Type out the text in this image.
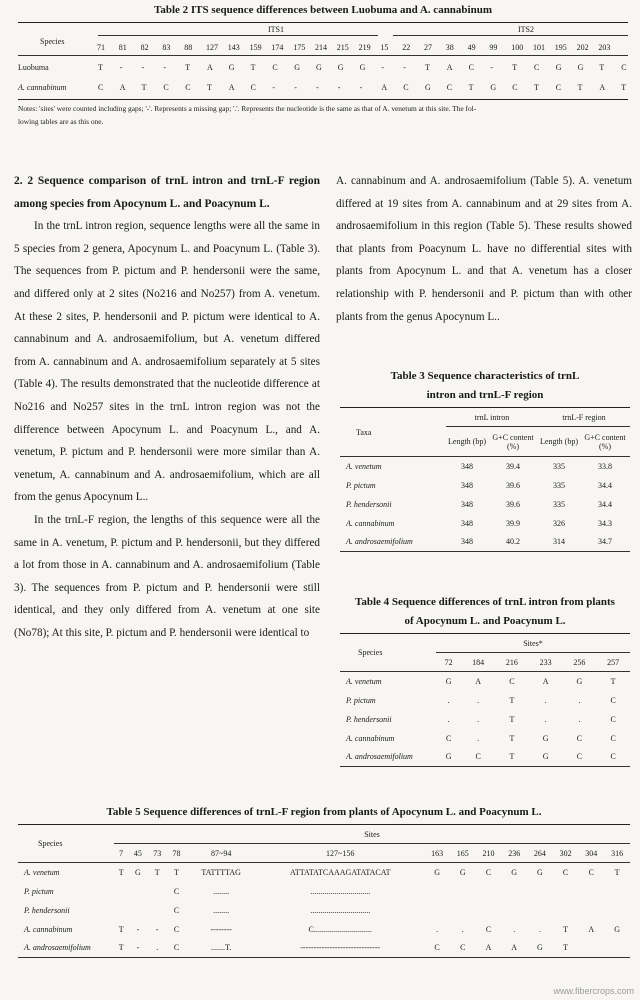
Table 2 ITS sequence differences between Luobuma and A. cannabinum
Species
ITS1	ITS2
71 81 82 83 88 127 143 159 174 175 214 215 219 15 22 27 38 49 99 100 101 195 202 203
Luobuma	T - - - T A G T C G G G G - - T A C - T C G G T C
A. cannabinum	C A T C C T A C - - - - - A C G C T G C T C T A T
Notes: 'sites' were counted including gaps; '-'. Represents a missing gap; '.'. Represents the nucleotide is the same as that of A. venetum at this site. The fol-
lowing tables are as this one.
2. 2 Sequence comparison of trnL intron and trnL-F region among species from Apocynum L. and Poacynum L.
In the trnL intron region, sequence lengths were all the same in 5 species from 2 genera, Apocynum L. and Poacynum L. (Table 3). The sequences from P. pictum and P. hendersonii were the same, and differed only at 2 sites (No216 and No257) from A. venetum. At these 2 sites, P. hendersonii and P. pictum were identical to A. cannabinum and A. androsaemifolium, but A. venetum differed from A. cannabinum and A. androsaemifolium separately at 5 sites (Table 4). The results demonstrated that the nucleotide difference at No216 and No257 sites in the trnL intron region was not the difference between Apocynum L. and Poacynum L., and A. venetum, P. pictum and P. hendersonii were more similar than A. venetum, A. cannabinum and A. androsaemifolium, which are all from the genus Apocynum L..
In the trnL-F region, the lengths of this sequence were all the same in A. venetum, P. pictum and P. hendersonii, but they differed a lot from those in A. cannabinum and A. androsaemifolium (Table 3). The sequences from P. pictum and P. hendersonii were still identical, and they only differed from A. venetum at one site (No78); At this site, P. pictum and P. hendersonii were identical to
A. cannabinum and A. androsaemifolium (Table 5). A. venetum differed at 19 sites from A. cannabinum and at 29 sites from A. androsaemifolium in this region (Table 5). These results showed that plants from Poacynum L. have no differential sites with plants from Apocynum L. and that A. venetum has a closer relationship with P. hendersonii and P. pictum than with other plants from the genus Apocynum L..
Table 3 Sequence characteristics of trnL
intron and trnL-F region
Taxa	trnL intron		trnL-F region	
	Length (bp)	G+C content (%)	Length (bp)	G+C content (%)
A. venetum	348	39.4	335	33.8
P. pictum	348	39.6	335	34.4
P. hendersonii	348	39.6	335	34.4
A. cannabinum	348	39.9	326	34.3
A. androsaemifolium	348	40.2	314	34.7
Table 4 Sequence differences of trnL intron from plants
of Apocynum L. and Poacynum L.
Species	Sites*					
	72	184	216	233	256	257
A. venetum	G	A	C	A	G	T
P. pictum	.	.	T	.	.	C
P. hendersonii	.	.	T	.	.	C
A. cannabinum	C	.	T	G	C	C
A. androsaemifolium	G	C	T	G	C	C
Table 5 Sequence differences of trnL-F region from plants of Apocynum L. and Poacynum L.
Species	Sites													
	7	45	73	78	87~94	127~156	163	165	210	236	264	302	304	316
A. venetum	T	G	T	T	TATTTTAG	ATTATATCAAAGATATACAT	G	G	C	G	G	C	C	T
P. pictum				C	........	..............................								
P. hendersonii				C	........	..............................								
A. cannabinum	T	-	-	C	--------	C.............................	.	.	C	.	.	T	A	G
A. androsaemifolium	T	-	.	C	.......T.	------------------------------	C	C	A	A	G	T		
www.fibercrops.com
